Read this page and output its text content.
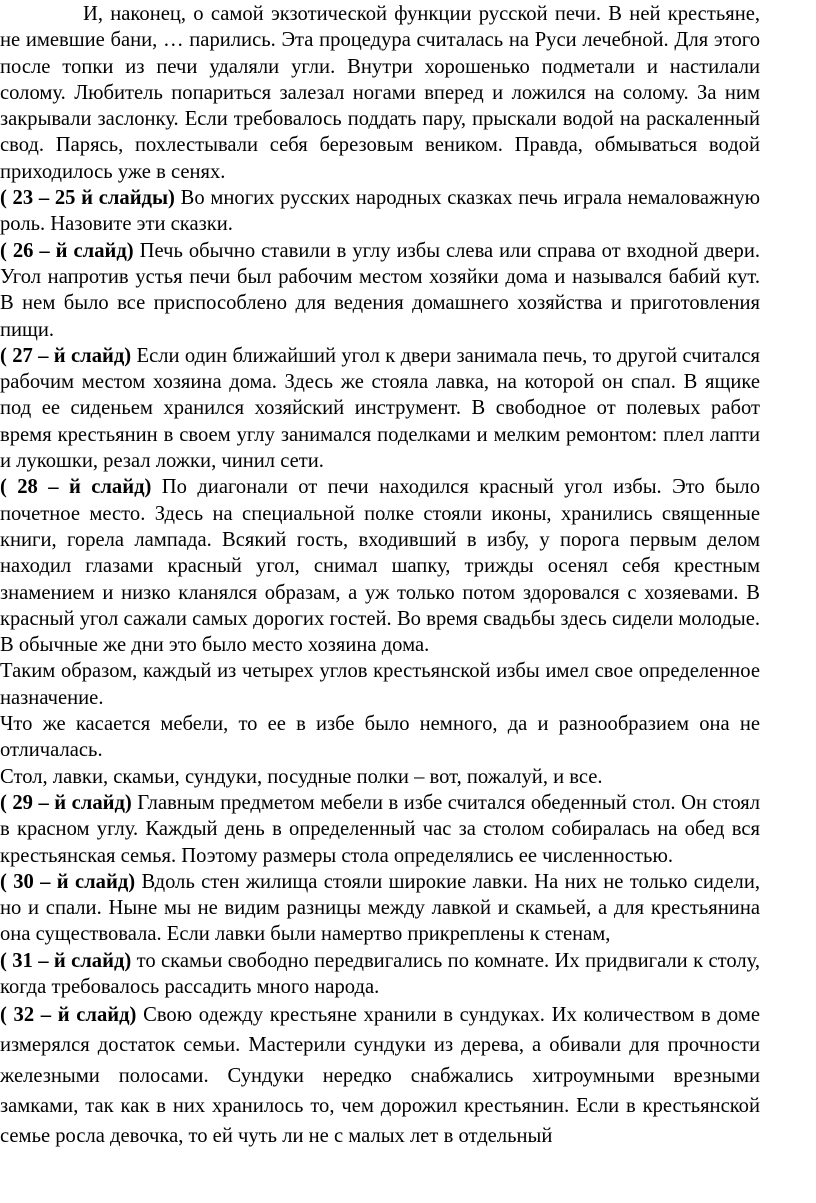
И, наконец, о самой экзотической функции русской печи. В ней крестьяне, не имевшие бани, … парились. Эта процедура считалась на Руси лечебной. Для этого после топки из печи удаляли угли. Внутри хорошенько подметали и настилали солому. Любитель попариться залезал ногами вперед и ложился на солому. За ним закрывали заслонку. Если требовалось поддать пару, прыскали водой на раскаленный свод. Парясь, похлестывали себя березовым веником. Правда, обмываться водой приходилось уже в сенях.
( 23 – 25 й слайды) Во многих русских народных сказках печь играла немаловажную роль. Назовите эти сказки.
( 26 – й слайд) Печь обычно ставили в углу избы слева или справа от входной двери. Угол напротив устья печи был рабочим местом хозяйки дома и назывался бабий кут. В нем было все приспособлено для ведения домашнего хозяйства и приготовления пищи.
( 27 – й слайд) Если один ближайший угол к двери занимала печь, то другой считался рабочим местом хозяина дома. Здесь же стояла лавка, на которой он спал. В ящике под ее сиденьем хранился хозяйский инструмент. В свободное от полевых работ время крестьянин в своем углу занимался поделками и мелким ремонтом: плел лапти и лукошки, резал ложки, чинил сети.
( 28 – й слайд) По диагонали от печи находился красный угол избы. Это было почетное место. Здесь на специальной полке стояли иконы, хранились священные книги, горела лампада. Всякий гость, входивший в избу, у порога первым делом находил глазами красный угол, снимал шапку, трижды осенял себя крестным знамением и низко кланялся образам, а уж только потом здоровался с хозяевами. В красный угол сажали самых дорогих гостей. Во время свадьбы здесь сидели молодые. В обычные же дни это было место хозяина дома.
Таким образом, каждый из четырех углов крестьянской избы имел свое определенное назначение.
Что же касается мебели, то ее в избе было немного, да и разнообразием она не отличалась.
Стол, лавки, скамьи, сундуки, посудные полки – вот, пожалуй, и все.
( 29 – й слайд) Главным предметом мебели в избе считался обеденный стол. Он стоял в красном углу. Каждый день в определенный час за столом собиралась на обед вся крестьянская семья. Поэтому размеры стола определялись ее численностью.
( 30 – й слайд) Вдоль стен жилища стояли широкие лавки. На них не только сидели, но и спали. Ныне мы не видим разницы между лавкой и скамьей, а для крестьянина она существовала. Если лавки были намертво прикреплены к стенам,
( 31 – й слайд) то скамьи свободно передвигались по комнате. Их придвигали к столу, когда требовалось рассадить много народа.
( 32 – й слайд) Свою одежду крестьяне хранили в сундуках. Их количеством в доме измерялся достаток семьи. Мастерили сундуки из дерева, а обивали для прочности железными полосами. Сундуки нередко снабжались хитроумными врезными замками, так как в них хранилось то, чем дорожил крестьянин. Если в крестьянской семье росла девочка, то ей чуть ли не с малых лет в отдельный
